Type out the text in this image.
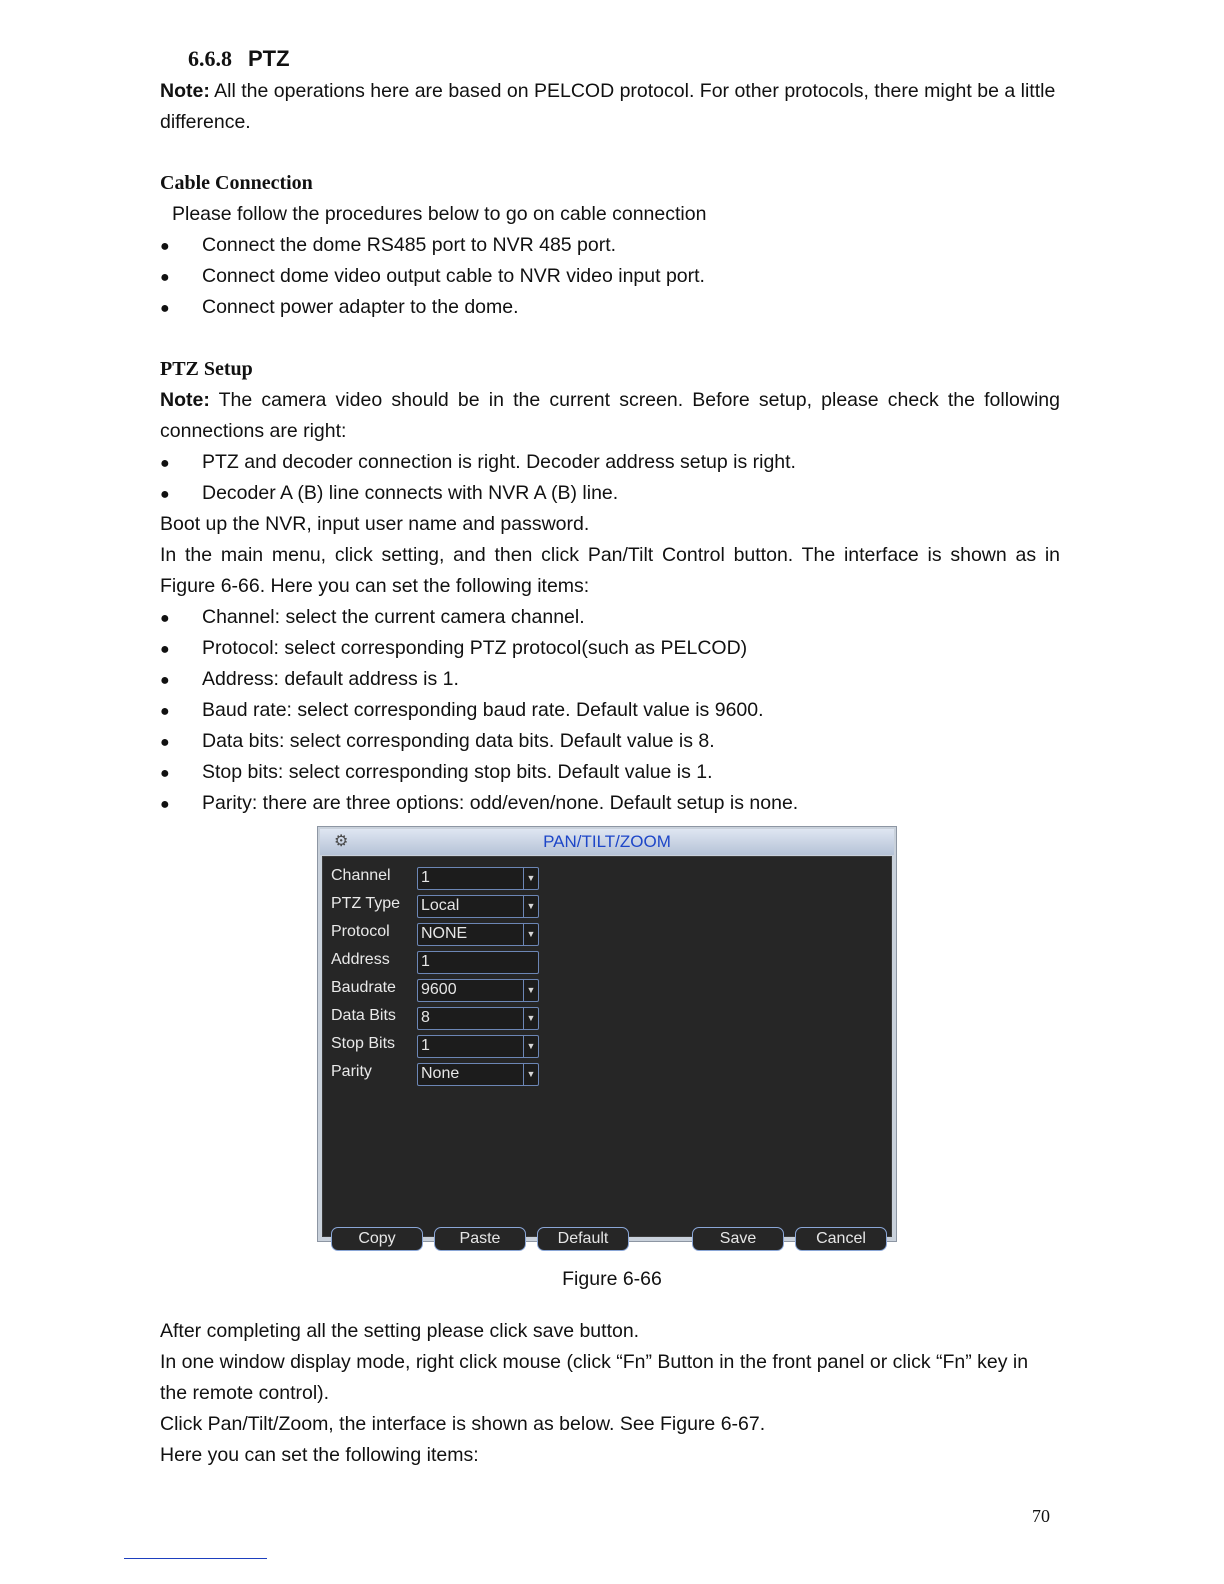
6.6.8 PTZ
Note: All the operations here are based on PELCOD protocol. For other protocols, there might be a little difference.
Cable Connection
Please follow the procedures below to go on cable connection
● Connect the dome RS485 port to NVR 485 port.
● Connect dome video output cable to NVR video input port.
● Connect power adapter to the dome.
PTZ Setup
Note: The camera video should be in the current screen. Before setup, please check the following connections are right:
● PTZ and decoder connection is right. Decoder address setup is right.
● Decoder A (B) line connects with NVR A (B) line.
Boot up the NVR, input user name and password.
In the main menu, click setting, and then click Pan/Tilt Control button. The interface is shown as in Figure 6-66. Here you can set the following items:
● Channel: select the current camera channel.
● Protocol: select corresponding PTZ protocol(such as PELCOD)
● Address: default address is 1.
● Baud rate: select corresponding baud rate. Default value is 9600.
● Data bits: select corresponding data bits. Default value is 8.
● Stop bits: select corresponding stop bits. Default value is 1.
● Parity: there are three options: odd/even/none. Default setup is none.
⚙	PAN/TILT/ZOOM
Channel	1	▼
PTZ Type	Local	▼
Protocol	NONE	▼
Address	1
Baudrate	9600	▼
Data Bits	8	▼
Stop Bits	1	▼
Parity	None	▼
Copy	Paste	Default	Save	Cancel
Figure 6-66
After completing all the setting please click save button.
In one window display mode, right click mouse (click “Fn” Button in the front panel or click “Fn” key in the remote control).
Click Pan/Tilt/Zoom, the interface is shown as below. See Figure 6-67.
Here you can set the following items:
70
